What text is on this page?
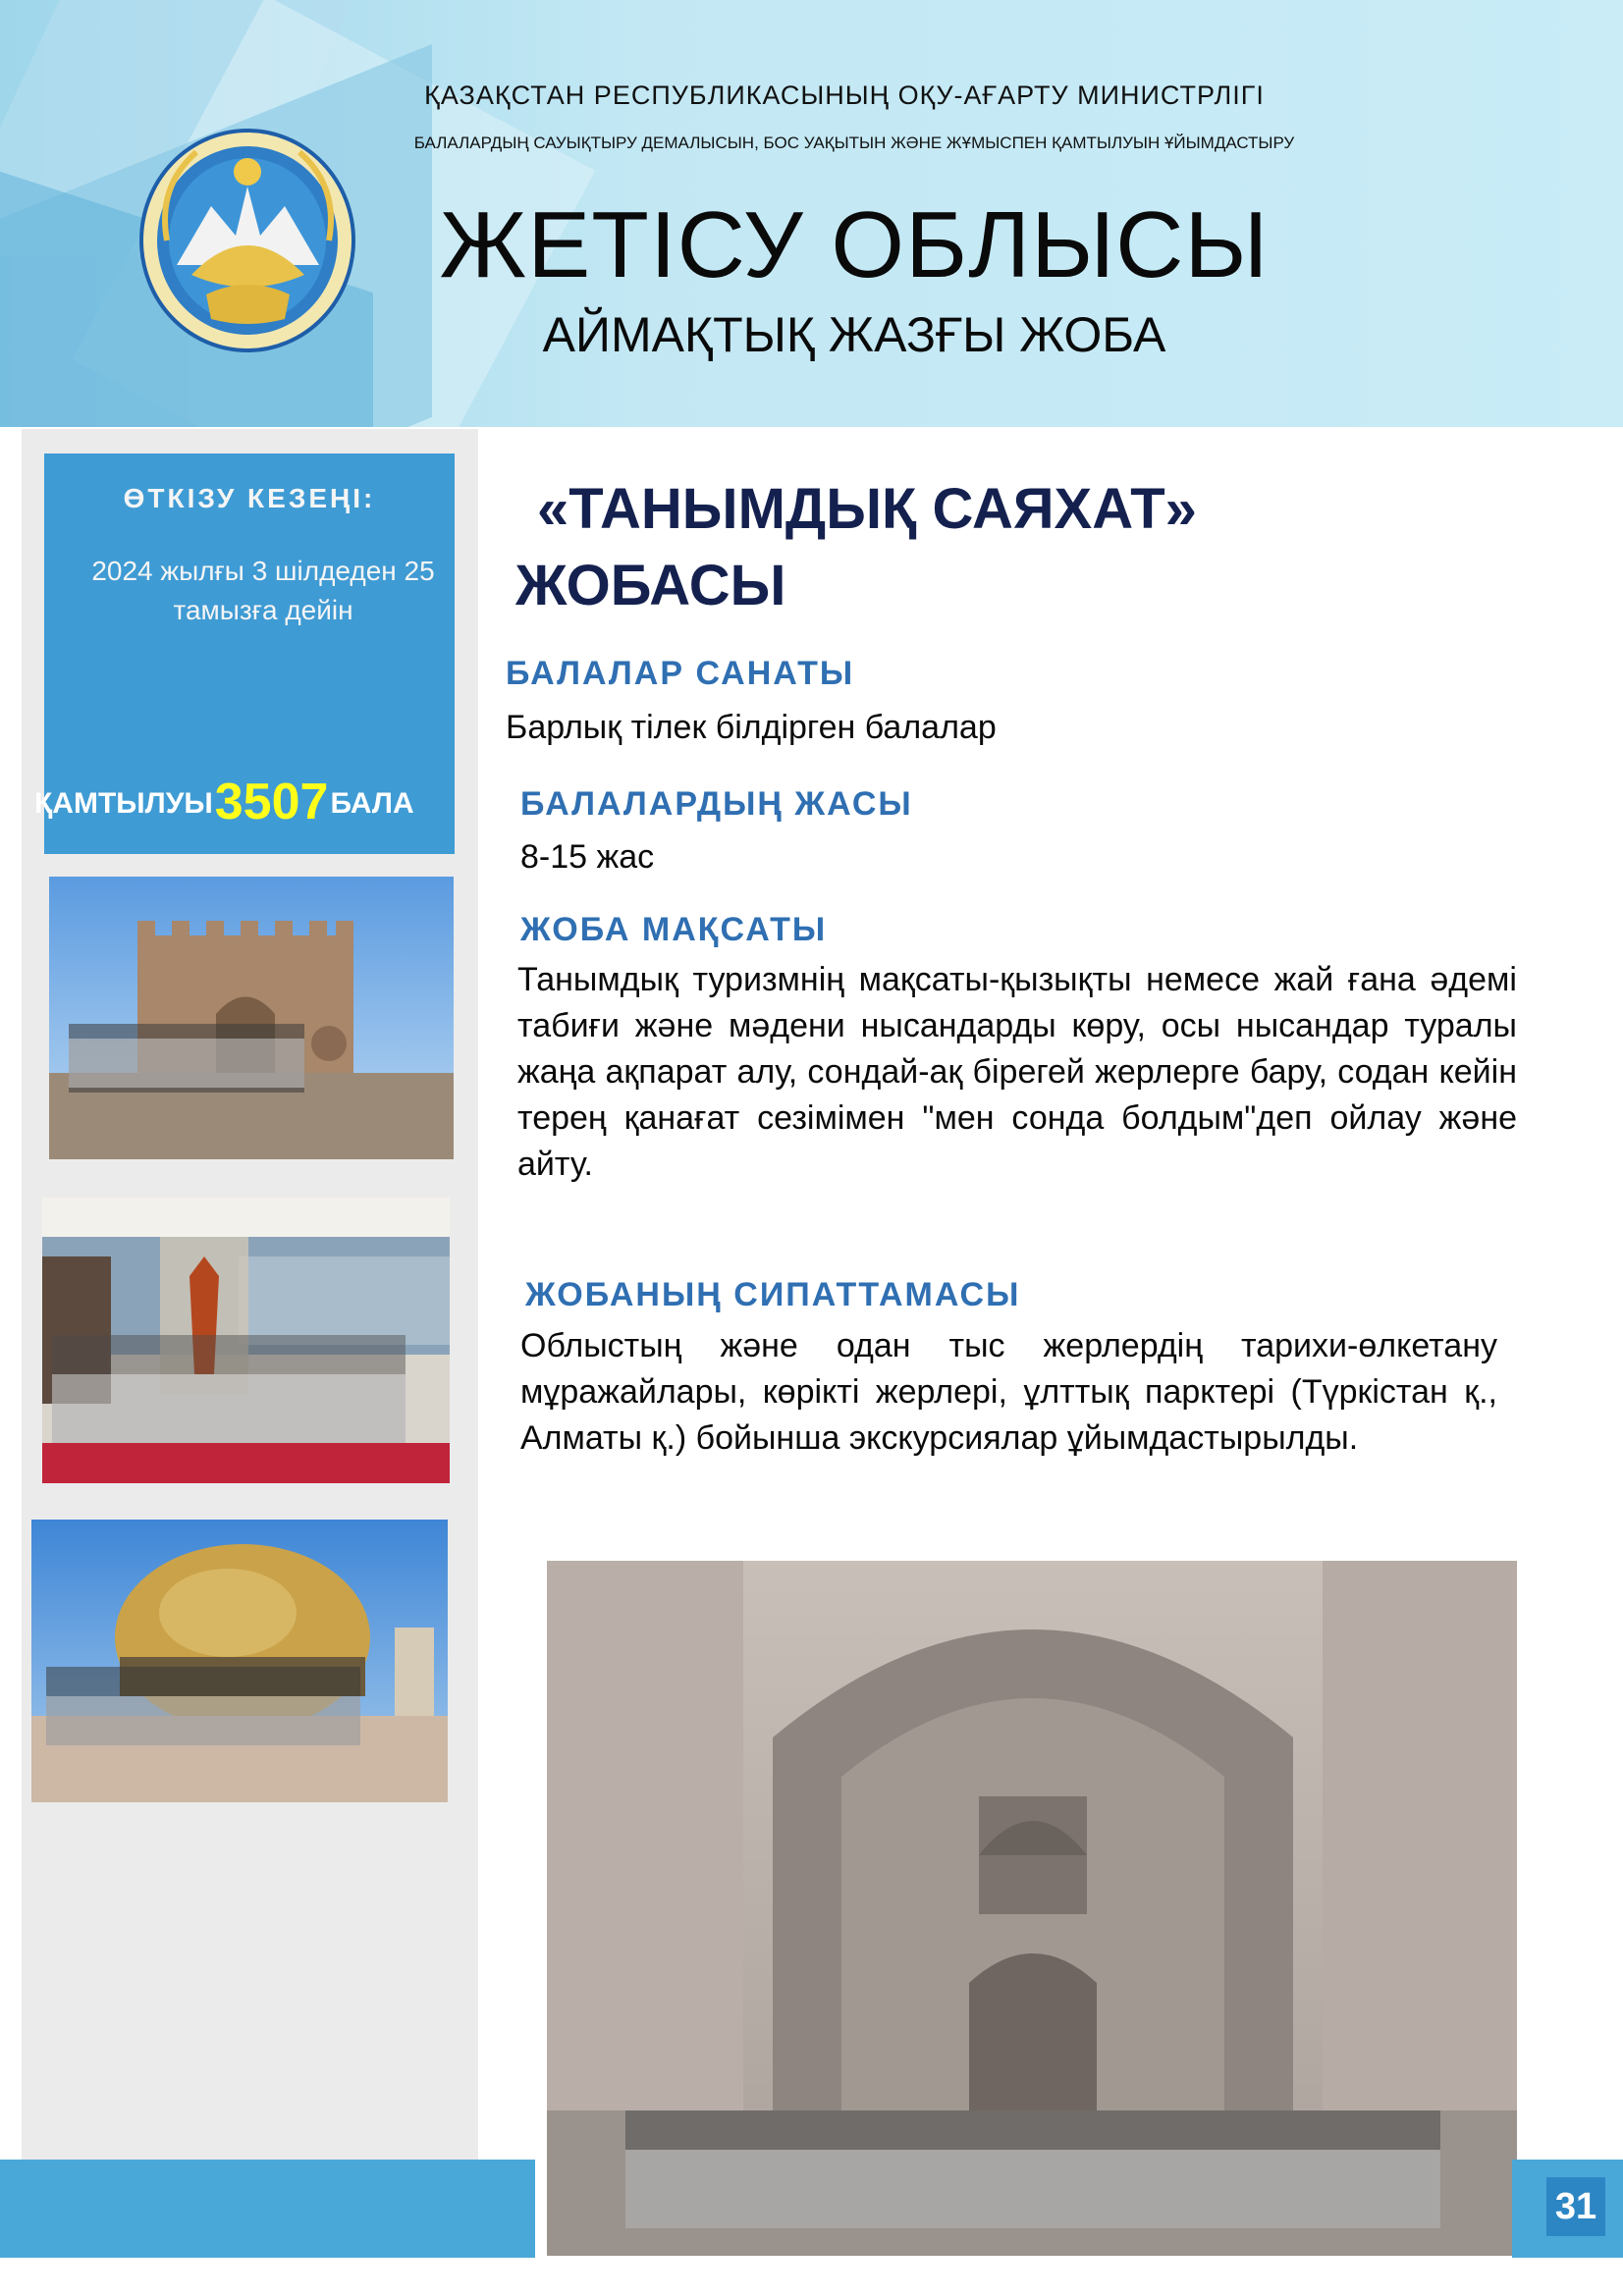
ҚАЗАҚСТАН РЕСПУБЛИКАСЫНЫҢ ОҚУ-АҒАРТУ МИНИСТРЛІГІ
БАЛАЛАРДЫҢ САУЫҚТЫРУ ДЕМАЛЫСЫН, БОС УАҚЫТЫН ЖӘНЕ ЖҰМЫСПЕН ҚАМТЫЛУЫН ҰЙЫМДАСТЫРУ
ЖЕТІСУ ОБЛЫСЫ
АЙМАҚТЫҚ ЖАЗҒЫ ЖОБА
ӨТКІЗУ КЕЗЕҢІ:
2024 жылғы 3 шілдеден 25
тамызға дейін
ҚАМТЫЛУЫ3507БАЛА
«ТАНЫМДЫҚ САЯХАТ»
ЖОБАСЫ
БАЛАЛАР САНАТЫ
Барлық тілек білдірген балалар
БАЛАЛАРДЫҢ ЖАСЫ
8-15 жас
ЖОБА МАҚСАТЫ
Танымдық туризмнің мақсаты-қызықты немесе жай ғана әдемі табиғи және мәдени нысандарды көру, осы нысандар туралы жаңа ақпарат алу, сондай-ақ бірегей жерлерге бару, содан кейін терең қанағат сезімімен "мен сонда болдым"деп ойлау және айту.
ЖОБАНЫҢ СИПАТТАМАСЫ
Облыстың және одан тыс жерлердің тарихи-өлкетану мұражайлары, көрікті жерлері, ұлттық парктері (Түркістан қ., Алматы қ.) бойынша экскурсиялар ұйымдастырылды.
31
